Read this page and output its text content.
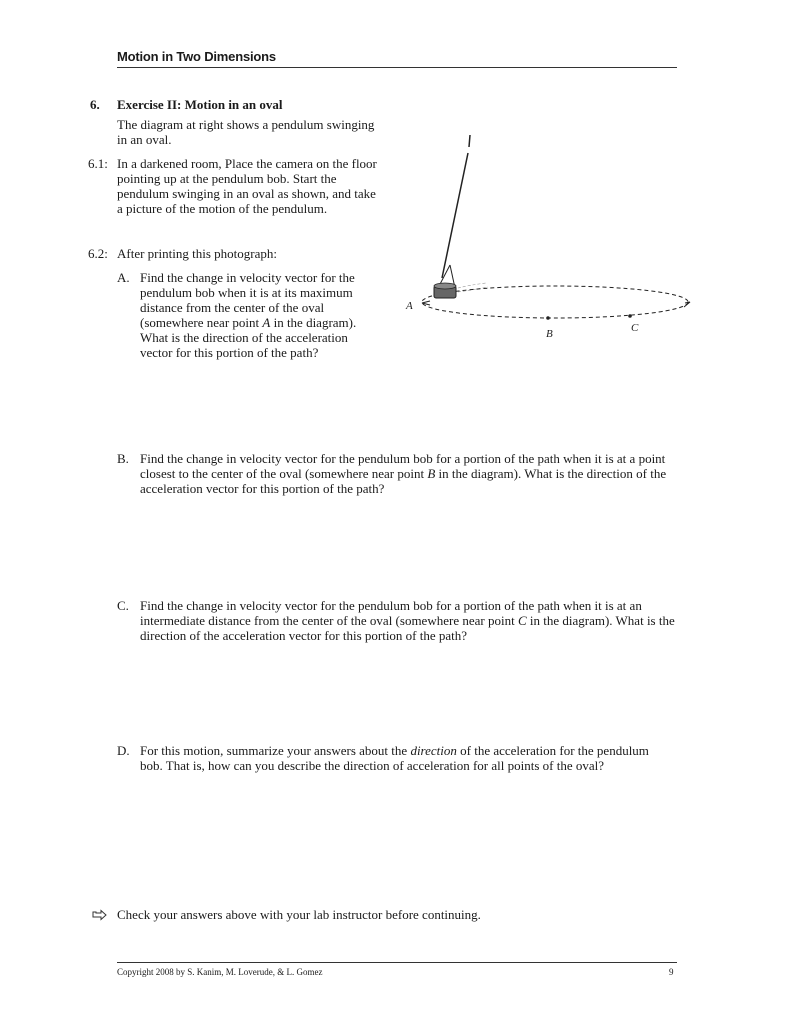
Motion in Two Dimensions
6. Exercise II: Motion in an oval
The diagram at right shows a pendulum swinging in an oval.
6.1: In a darkened room, Place the camera on the floor pointing up at the pendulum bob. Start the pendulum swinging in an oval as shown, and take a picture of the motion of the pendulum.
6.2: After printing this photograph:
A. Find the change in velocity vector for the pendulum bob when it is at its maximum distance from the center of the oval (somewhere near point A in the diagram). What is the direction of the acceleration vector for this portion of the path?
B. Find the change in velocity vector for the pendulum bob for a portion of the path when it is at a point closest to the center of the oval (somewhere near point B in the diagram). What is the direction of the acceleration vector for this portion of the path?
C. Find the change in velocity vector for the pendulum bob for a portion of the path when it is at an intermediate distance from the center of the oval (somewhere near point C in the diagram). What is the direction of the acceleration vector for this portion of the path?
D. For this motion, summarize your answers about the direction of the acceleration for the pendulum bob. That is, how can you describe the direction of acceleration for all points of the oval?
Check your answers above with your lab instructor before continuing.
Copyright 2008 by S. Kanim, M. Loverude, & L. Gomez	9
A
B	C
